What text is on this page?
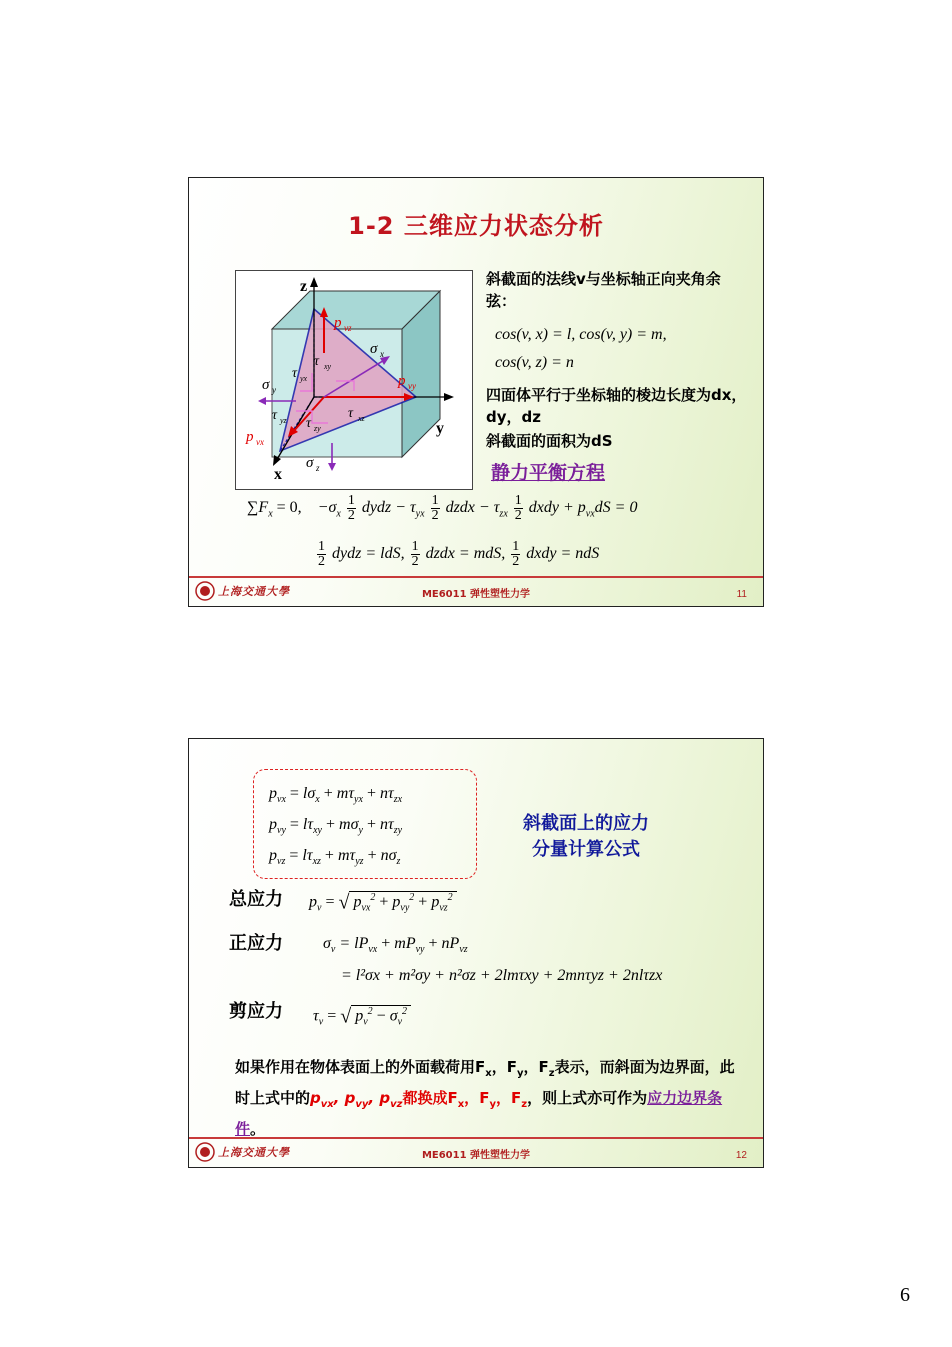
1-2 三维应力状态分析
z
y
x
p vz
σ x
σ y
τ yx
τ xy
p vy
τ yz τ zy
τ xz
p vx
σ z
斜截面的法线v与坐标轴正向夹角余弦：
cos(v, x) = l, cos(v, y) = m,
cos(v, z) = n
四面体平行于坐标轴的棱边长度为dx，dy，dz
斜截面的面积为dS
静力平衡方程
$\sum F_x = 0$, $-\sigma_x \frac{1}{2}$ dydz − $\tau_{yx} \frac{1}{2}$ dzdx − $\tau_{zx} \frac{1}{2}$ dxdy + $p_{vx}dS = 0$
$\frac{1}{2}$ dydz = ldS, $\frac{1}{2}$ dzdx = mdS, $\frac{1}{2}$ dxdy = ndS
上海交通大學	ME6011 弹性塑性力学	11
$p_{vx} = l\sigma_x + m\tau_{yx} + n\tau_{zx}$
$p_{vy} = l\tau_{xy} + m\sigma_y + n\tau_{zy}$
$p_{vz} = l\tau_{xz} + m\tau_{yz} + n\sigma_z$
斜截面上的应力
分量计算公式
总应力 $p_v$ = √ $p_{vx}^2 + p_{vy}^2 + p_{vz}^2$
正应力	$\sigma_v = lP_{vx} + mP_{vy} + nP_{vz}$
= l²σx + m²σy + n²σz + 2lmτxy + 2mnτyz + 2nlτzx
剪应力 $\tau_v$ = √ $p_v^2 - \sigma_v^2$
如果作用在物体表面上的外面载荷用$F_x$，$F_y$，$F_z$表示，而斜面为边界面，此时上式中的$p_{vx}$, $p_{vy}$, $p_{vz}$都换成$F_x$，$F_y$，$F_z$，则上式亦可作为应力边界条件。
上海交通大學	ME6011 弹性塑性力学	12
6
